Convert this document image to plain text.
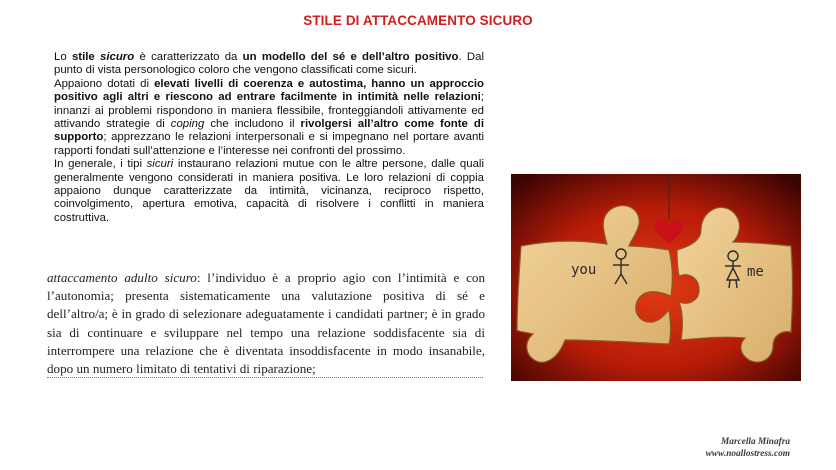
STILE DI ATTACCAMENTO SICURO

Lo stile sicuro è caratterizzato da un modello del sé e dell’altro positivo. Dal punto di vista personologico coloro che vengono classificati come sicuri.

Appaiono dotati di elevati livelli di coerenza e autostima, hanno un approccio positivo agli altri e riescono ad entrare facilmente in intimità nelle relazioni; innanzi ai problemi rispondono in maniera flessibile, fronteggiandoli attivamente ed attivando strategie di coping che includono il rivolgersi all’altro come fonte di supporto; apprezzano le relazioni interpersonali e si impegnano nel portare avanti rapporti fondati sull’attenzione e l’interesse nei confronti del prossimo.

In generale, i tipi sicuri instaurano relazioni mutue con le altre persone, dalle quali generalmente vengono considerati in maniera positiva. Le loro relazioni di coppia appaiono dunque caratterizzate da intimità, vicinanza, reciproco rispetto, coinvolgimento, apertura emotiva, capacità di risolvere i conflitti in maniera costruttiva.

attaccamento adulto sicuro: l’individuo è a proprio agio con l’intimità e con l’autonomia; presenta sistematicamente una valutazione positiva di sé e dell’altro/a; è in grado di selezionare adeguatamente i candidati partner; è in grado sia di continuare e sviluppare nel tempo una relazione soddisfacente sia di interrompere una relazione che è diventata insoddisfacente in modo insanabile, dopo un numero limitato di tentativi di riparazione;

you	me
Marcella Minafra
www.noallostress.com
